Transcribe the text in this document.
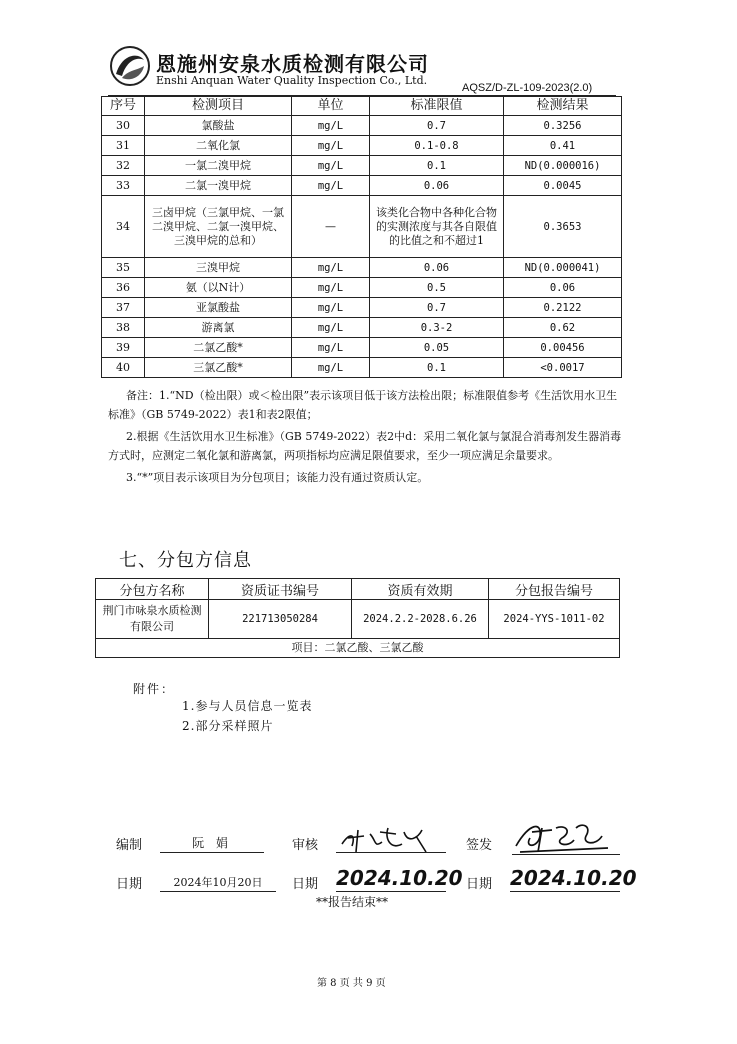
恩施州安泉水质检测有限公司
Enshi Anquan Water Quality Inspection Co., Ltd.
AQSZ/D-ZL-109-2023(2.0)
序号	检测项目	单位	标准限值	检测结果
30	氯酸盐	mg/L	0.7	0.3256
31	二氧化氯	mg/L	0.1-0.8	0.41
32	一氯二溴甲烷	mg/L	0.1	ND(0.000016)
33	二氯一溴甲烷	mg/L	0.06	0.0045
34	三卤甲烷（三氯甲烷、一氯二溴甲烷、二氯一溴甲烷、三溴甲烷的总和）	—	该类化合物中各种化合物的实测浓度与其各自限值的比值之和不超过1	0.3653
35	三溴甲烷	mg/L	0.06	ND(0.000041)
36	氨（以N计）	mg/L	0.5	0.06
37	亚氯酸盐	mg/L	0.7	0.2122
38	游离氯	mg/L	0.3-2	0.62
39	二氯乙酸*	mg/L	0.05	0.00456
40	三氯乙酸*	mg/L	0.1	<0.0017

备注：1.“ND（检出限）或＜检出限”表示该项目低于该方法检出限；标准限值参考《生活饮用水卫生标准》（GB 5749-2022）表1和表2限值；

2.根据《生活饮用水卫生标准》（GB 5749-2022）表2中d：采用二氧化氯与氯混合消毒剂发生器消毒方式时，应测定二氧化氯和游离氯，两项指标均应满足限值要求，至少一项应满足余量要求。

3.“*”项目表示该项目为分包项目；该能力没有通过资质认定。

七、分包方信息
分包方名称	资质证书编号	资质有效期	分包报告编号
荆门市咏泉水质检测有限公司	221713050284	2024.2.2-2028.6.26	2024-YYS-1011-02
项目：二氯乙酸、三氯乙酸			
附件：
1.参与人员信息一览表
2.部分采样照片
编制	阮 娟	审核	签发
日期	2024年10月20日	日期 2024.10.20 日期 2024.10.20
**报告结束**
第 8 页 共 9 页
